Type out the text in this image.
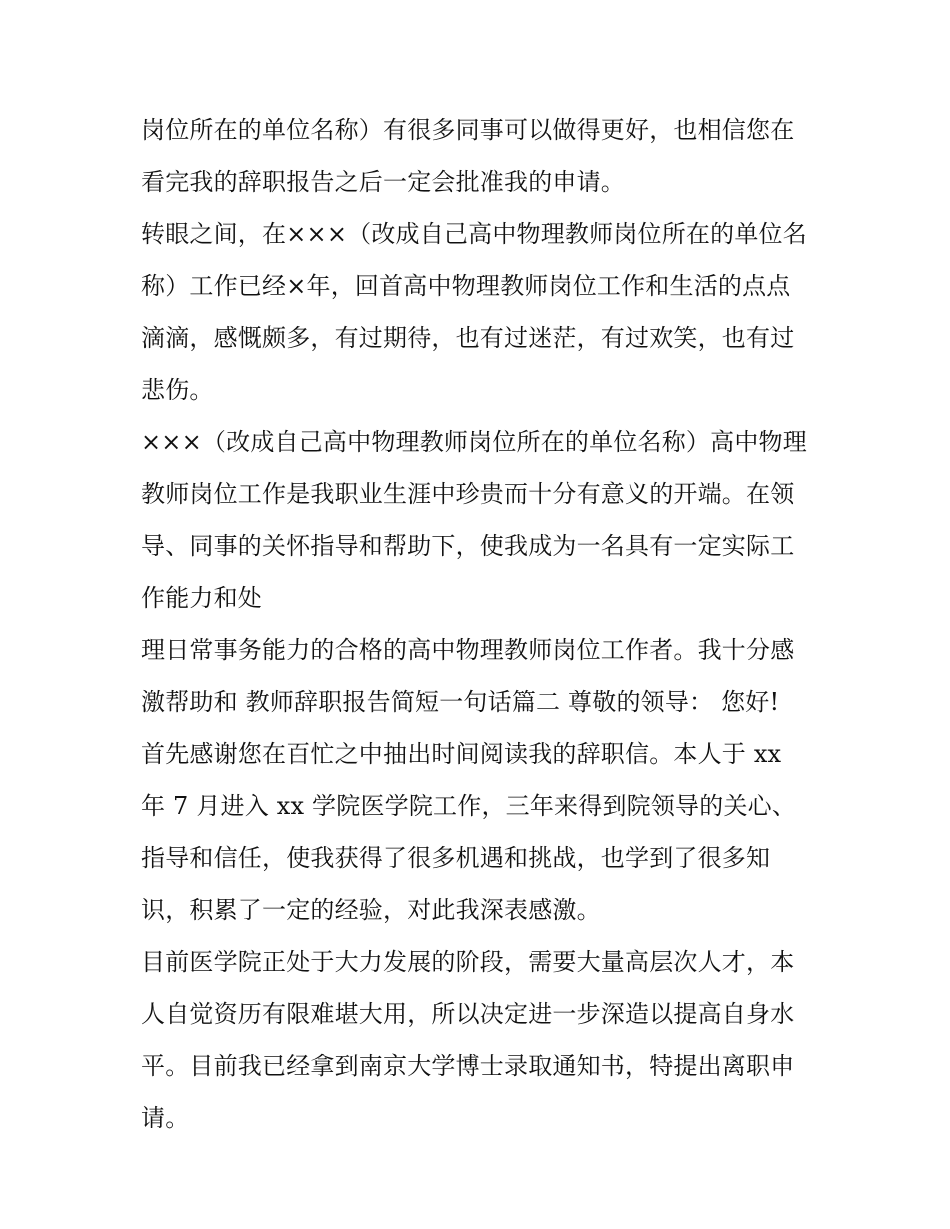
岗位所在的单位名称）有很多同事可以做得更好，也相信您在
看完我的辞职报告之后一定会批准我的申请。
转眼之间，在×××（改成自己高中物理教师岗位所在的单位名
称）工作已经×年，回首高中物理教师岗位工作和生活的点点
滴滴，感慨颇多，有过期待，也有过迷茫，有过欢笑，也有过
悲伤。
×××（改成自己高中物理教师岗位所在的单位名称）高中物理
教师岗位工作是我职业生涯中珍贵而十分有意义的开端。在领
导、同事的关怀指导和帮助下，使我成为一名具有一定实际工
作能力和处
理日常事务能力的合格的高中物理教师岗位工作者。我十分感
激帮助和 教师辞职报告简短一句话篇二 尊敬的领导： 您好!
首先感谢您在百忙之中抽出时间阅读我的辞职信。本人于 xx
年 7 月进入 xx 学院医学院工作，三年来得到院领导的关心、
指导和信任，使我获得了很多机遇和挑战，也学到了很多知
识，积累了一定的经验，对此我深表感激。
目前医学院正处于大力发展的阶段，需要大量高层次人才，本
人自觉资历有限难堪大用，所以决定进一步深造以提高自身水
平。目前我已经拿到南京大学博士录取通知书，特提出离职申
请。
